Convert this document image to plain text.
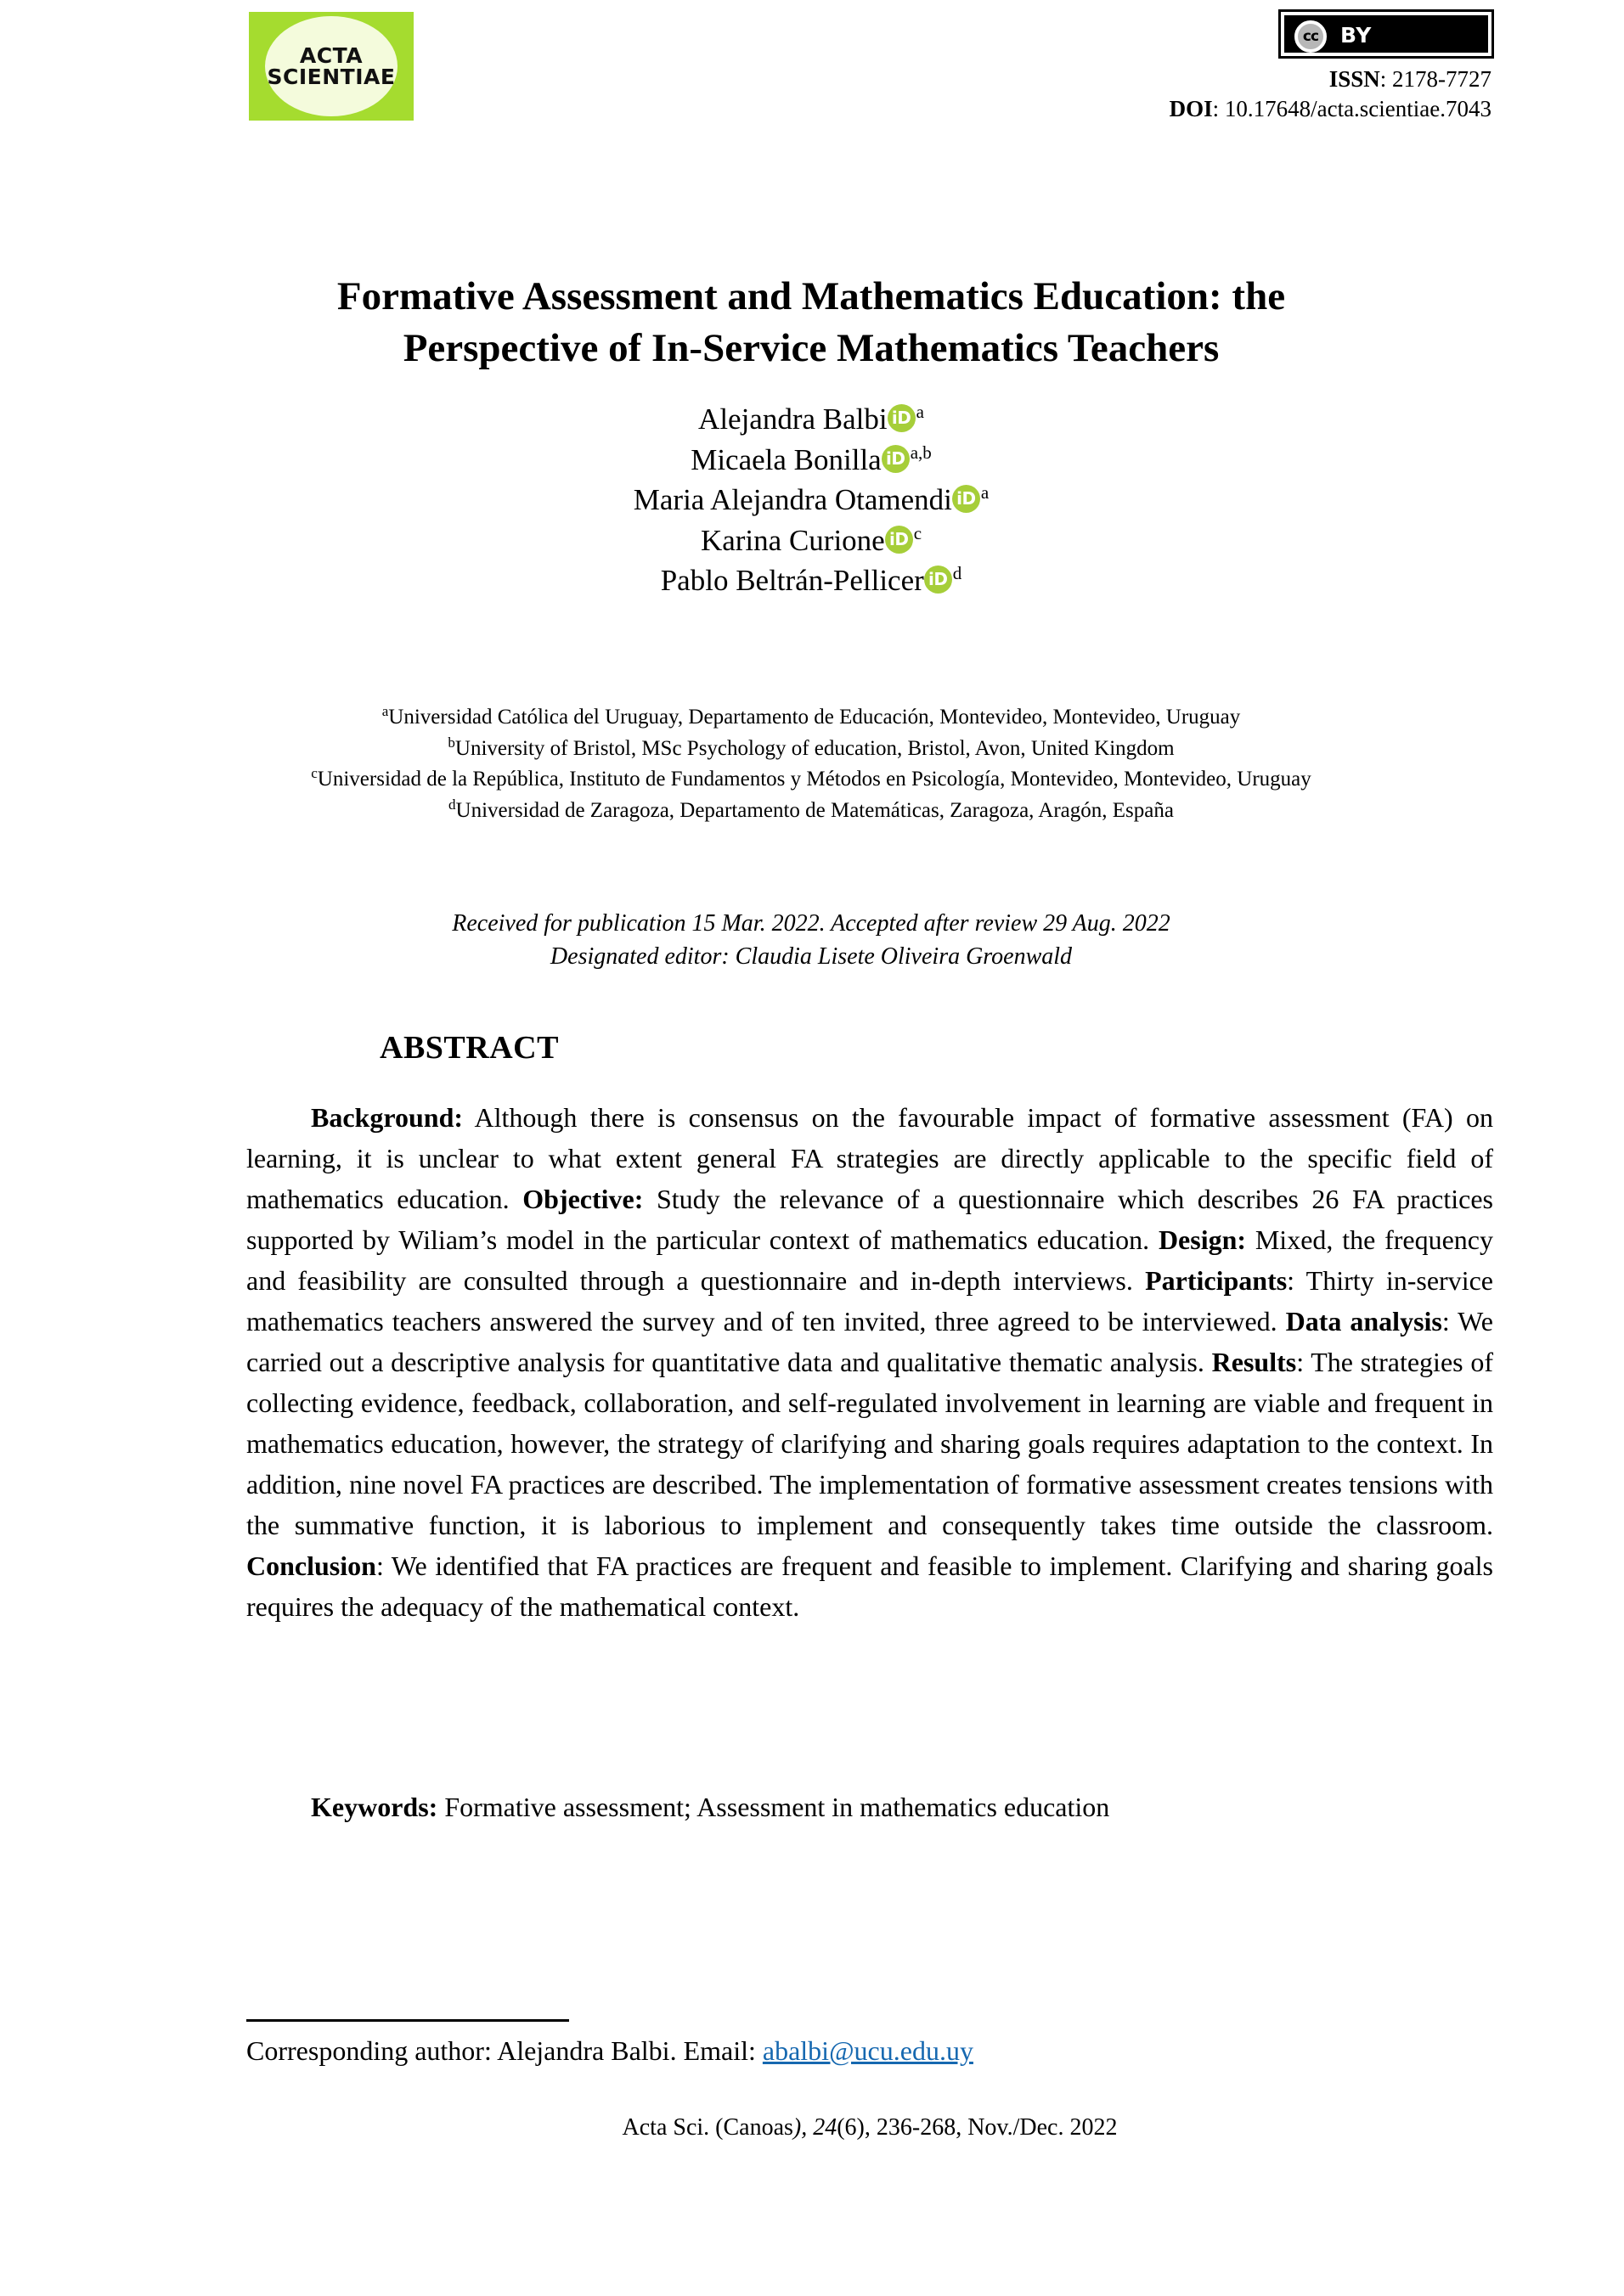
ACTA
SCIENTIAE
cc	BY
ISSN: 2178-7727
DOI: 10.17648/acta.scientiae.7043
Formative Assessment and Mathematics Education: the Perspective of In-Service Mathematics Teachers
Alejandra Balbi iD $^a$
Micaela Bonilla iD $^{a,b}$
Maria Alejandra Otamendi iD $^a$
Karina Curione iD $^c$
Pablo Beltrán-Pellicer iD $^d$
$^a$Universidad Católica del Uruguay, Departamento de Educación, Montevideo, Montevideo, Uruguay
$^b$University of Bristol, MSc Psychology of education, Bristol, Avon, United Kingdom
$^c$Universidad de la República, Instituto de Fundamentos y Métodos en Psicología, Montevideo, Montevideo, Uruguay
$^d$Universidad de Zaragoza, Departamento de Matemáticas, Zaragoza, Aragón, España
Received for publication 15 Mar. 2022. Accepted after review 29 Aug. 2022
Designated editor: Claudia Lisete Oliveira Groenwald
ABSTRACT

Background: Although there is consensus on the favourable impact of formative assessment (FA) on learning, it is unclear to what extent general FA strategies are directly applicable to the specific field of mathematics education. Objective: Study the relevance of a questionnaire which describes 26 FA practices supported by Wiliam’s model in the particular context of mathematics education. Design: Mixed, the frequency and feasibility are consulted through a questionnaire and in-depth interviews. Participants: Thirty in-service mathematics teachers answered the survey and of ten invited, three agreed to be interviewed. Data analysis: We carried out a descriptive analysis for quantitative data and qualitative thematic analysis. Results: The strategies of collecting evidence, feedback, collaboration, and self-regulated involvement in learning are viable and frequent in mathematics education, however, the strategy of clarifying and sharing goals requires adaptation to the context. In addition, nine novel FA practices are described. The implementation of formative assessment creates tensions with the summative function, it is laborious to implement and consequently takes time outside the classroom. Conclusion: We identified that FA practices are frequent and feasible to implement. Clarifying and sharing goals requires the adequacy of the mathematical context.

Keywords: Formative assessment; Assessment in mathematics education
Corresponding author: Alejandra Balbi. Email: abalbi@ucu.edu.uy
Acta Sci. (Canoas), 24(6), 236-268, Nov./Dec. 2022
